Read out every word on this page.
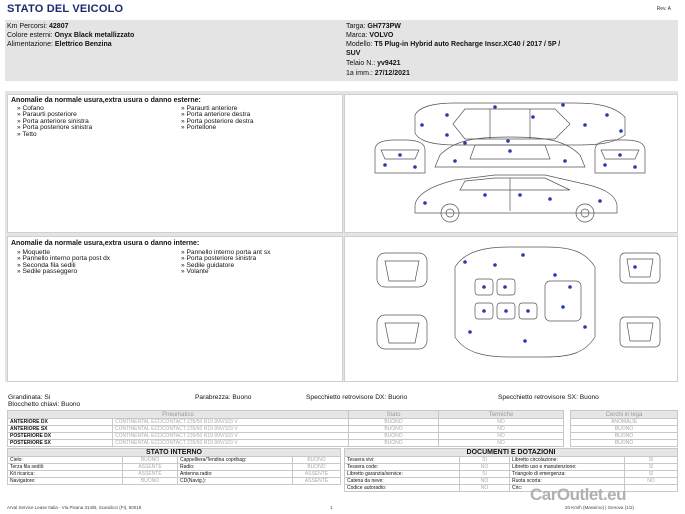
STATO DEL VEICOLO	Rev. A
Km Percorsi: 42807
Colore esterni: Onyx Black metallizzato
Alimentazione: Elettrico Benzina
Targa: GH773PW
Marca: VOLVO
Modello: T5 Plug-in Hybrid auto Recharge Inscr.XC40 / 2017 / 5P /
SUV
Telaio N.: yv9421
1a imm.: 27/12/2021
Anomalie da normale usura,extra usura o danno esterne:
» Cofano
» Paraurti posteriore
» Porta anteriore sinistra
» Porta posteriore sinistra
» Tetto
» Paraurti anteriore
» Porta anteriore destra
» Porta posteriore destra
» Portellone
Anomalie da normale usura,extra usura o danno interne:
» Moquette
» Pannello interno porta post dx
» Seconda fila sedili
» Sedile passeggero
» Pannello interno porta ant sx
» Porta posteriore sinistra
» Sedile guidatore
» Volante
Grandinata: Si	Parabrezza: Buono	Specchietto retrovisore DX: Buono	Specchietto retrovisore SX: Buono
Blocchetto chiavi: Buono
Pneumatico		Stato	Termiche
ANTERIORE DX	CONTINENTAL ECOCONTACT 235/50 R19 99V/103 V	BUONO	NO
ANTERIORE SX	CONTINENTAL ECOCONTACT 235/50 R19 99V/103 V	BUONO	NO
POSTERIORE DX	CONTINENTAL ECOCONTACT 235/50 R19 99V/103 V	BUONO	NO
POSTERIORE SX	CONTINENTAL ECOCONTACT 235/50 R19 99V/103 V	BUONO	NO
Cerchi in lega
ANOMALIE
BUONO
BUONO
BUONO
STATO INTERNO			
Cielo:	BUONO	Cappelliera/Tendina copribag:	BUONO
Terza fila sedili:	ASSENTE	Radio:	BUONO
Kit ricarica:	ASSENTE	Antenna radio:	ASSENTE
Navigatore:	BUONO	CD(Navig.):	ASSENTE
DOCUMENTI E DOTAZIONI			
Tessera vivi:	SI	Libretto circolazione:	SI
Tessera code:	NO	Libretto uso e manutenzione:	SI
Libretto garanzia/service:	SI	Triangolo di emergenza:	SI
Catena da neve:	NO	Ruota scorta:	NO
Codice autoradio:	NO	Cric:	CarOutlet.eu
Arval Service Lease Italia - Via Pisana 314/B, Scandicci (FI), 50018	1	20 Km/h (Massimo) | Genova (1/2)
